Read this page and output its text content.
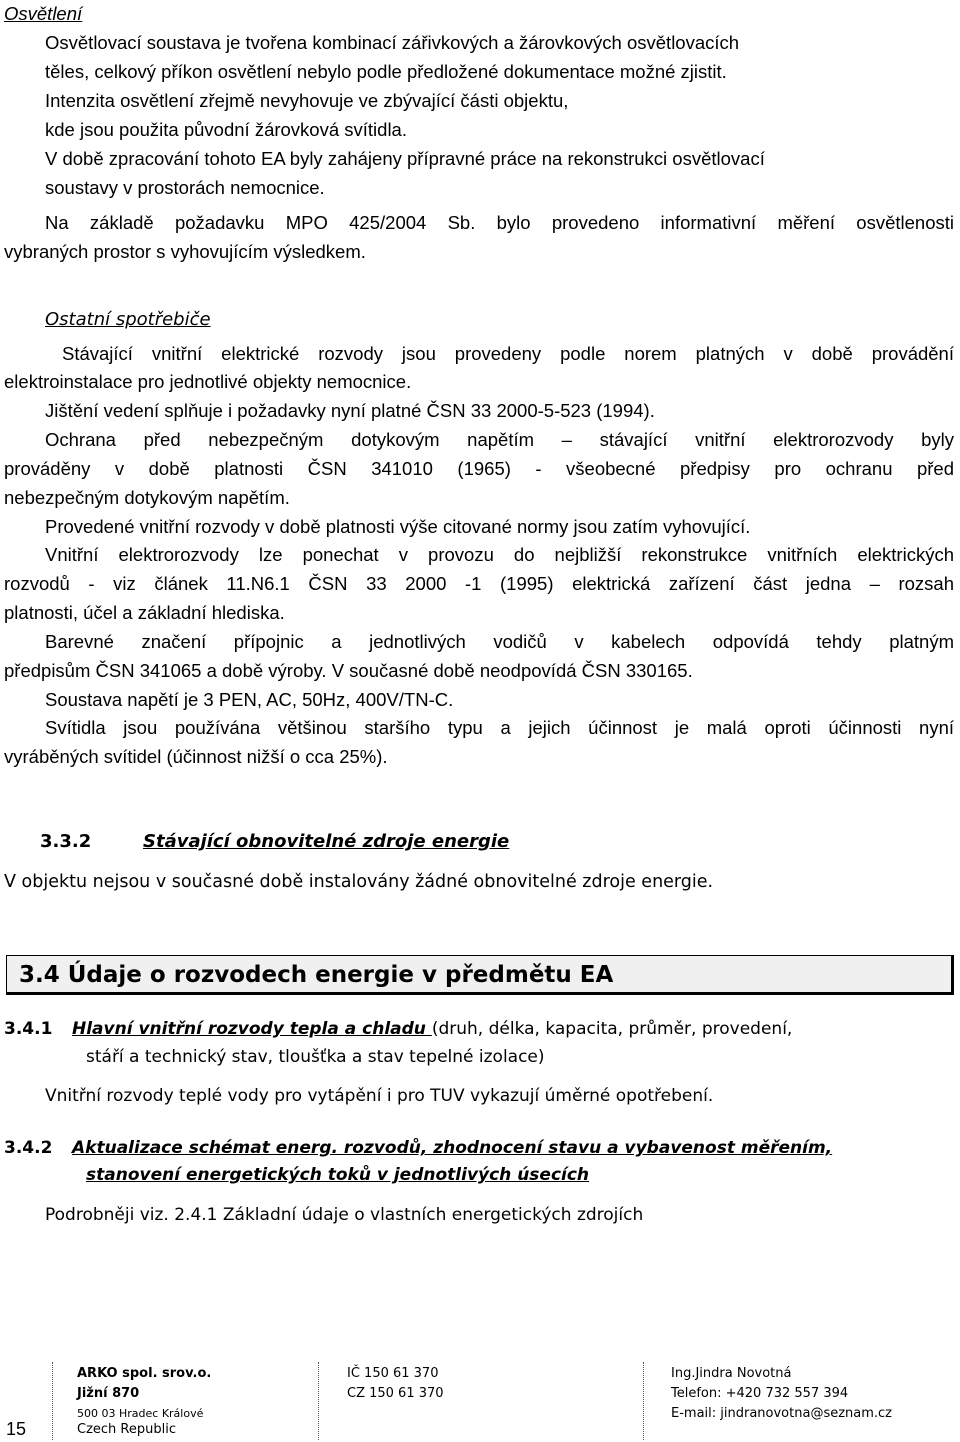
Osvětlení
Osvětlovací soustava je tvořena kombinací zářivkových a žárovkových osvětlovacích
těles, celkový příkon osvětlení nebylo podle předložené dokumentace možné zjistit.
Intenzita osvětlení zřejmě nevyhovuje ve zbývající části objektu,
kde jsou použita původní žárovková svítidla.
V době zpracování tohoto EA byly zahájeny přípravné práce na rekonstrukci osvětlovací
soustavy v prostorách nemocnice.
Na základě požadavku MPO 425/2004 Sb. bylo provedeno informativní měření osvětlenosti
vybraných prostor s vyhovujícím výsledkem.
Ostatní spotřebiče
Stávající vnitřní elektrické rozvody jsou provedeny podle norem platných v době provádění
elektroinstalace pro jednotlivé objekty nemocnice.
Jištění vedení splňuje i požadavky nyní platné ČSN 33 2000-5-523 (1994).
Ochrana před nebezpečným dotykovým napětím – stávající vnitřní elektrorozvody byly
prováděny v době platnosti ČSN 341010 (1965) - všeobecné předpisy pro ochranu před
nebezpečným dotykovým napětím.
Provedené vnitřní rozvody v době platnosti výše citované normy jsou zatím vyhovující.
Vnitřní elektrorozvody lze ponechat v provozu do nejbližší rekonstrukce vnitřních elektrických
rozvodů - viz článek 11.N6.1 ČSN 33 2000 -1 (1995) elektrická zařízení část jedna – rozsah
platnosti, účel a základní hlediska.
Barevné značení přípojnic a jednotlivých vodičů v kabelech odpovídá tehdy platným
předpisům ČSN 341065 a době výroby. V současné době neodpovídá ČSN 330165.
Soustava napětí je 3 PEN, AC, 50Hz, 400V/TN-C.
Svítidla jsou používána většinou staršího typu a jejich účinnost je malá oproti účinnosti nyní
vyráběných svítidel (účinnost nižší o cca 25%).
3.3.2	Stávající obnovitelné zdroje energie
V objektu nejsou v současné době instalovány žádné obnovitelné zdroje energie.
3.4 Údaje o rozvodech energie v předmětu EA
3.4.1 Hlavní vnitřní rozvody tepla a chladu (druh, délka, kapacita, průměr, provedení,
stáří a technický stav, tloušťka a stav tepelné izolace)
Vnitřní rozvody teplé vody pro vytápění i pro TUV vykazují úměrné opotřebení.
3.4.2 Aktualizace schémat energ. rozvodů, zhodnocení stavu a vybavenost měřením,
stanovení energetických toků v jednotlivých úsecích
Podrobněji viz. 2.4.1 Základní údaje o vlastních energetických zdrojích
15
ARKO spol. srov.o.
Jižní 870
500 03 Hradec Králové
Czech Republic
IČ 150 61 370
CZ 150 61 370
Ing.Jindra Novotná
Telefon: +420 732 557 394
E-mail: jindranovotna@seznam.cz
